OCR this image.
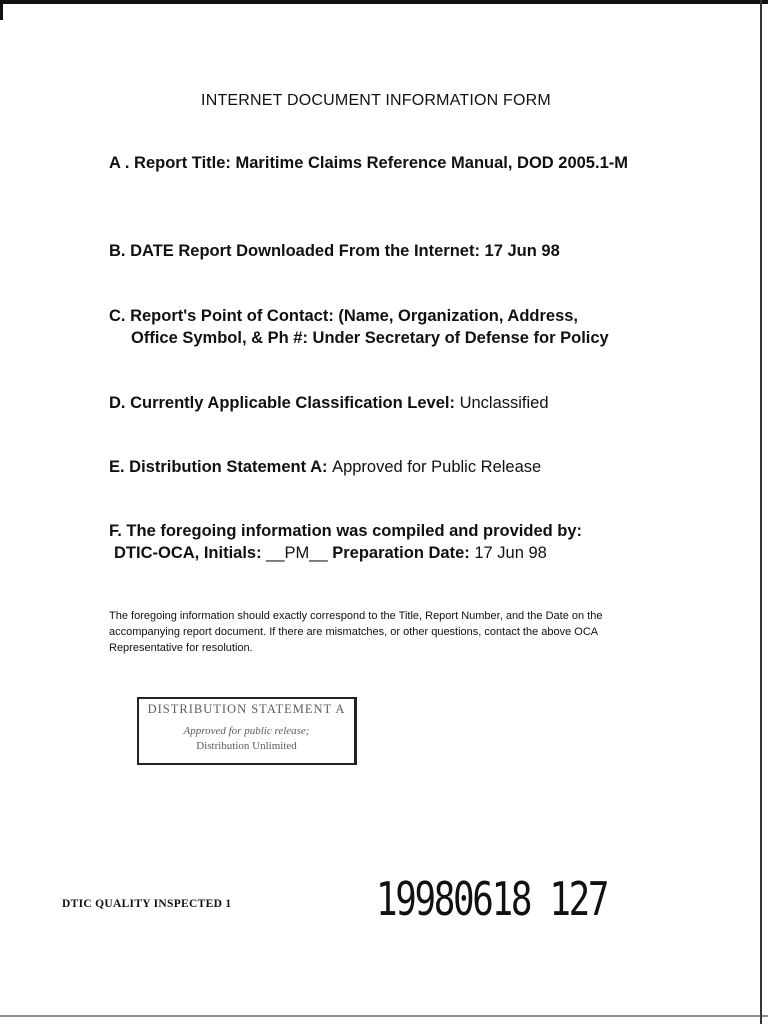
INTERNET DOCUMENT INFORMATION FORM
A . Report Title: Maritime Claims Reference Manual, DOD 2005.1-M
B. DATE Report Downloaded From the Internet: 17 Jun 98
C. Report's Point of Contact: (Name, Organization, Address,
Office Symbol, & Ph #: Under Secretary of Defense for Policy
D. Currently Applicable Classification Level: Unclassified
E. Distribution Statement A: Approved for Public Release
F. The foregoing information was compiled and provided by:
DTIC-OCA, Initials: __PM__ Preparation Date: 17 Jun 98
The foregoing information should exactly correspond to the Title, Report Number, and the Date on the accompanying report document. If there are mismatches, or other questions, contact the above OCA Representative for resolution.
DISTRIBUTION STATEMENT A
Approved for public release;
Distribution Unlimited
DTIC QUALITY INSPECTED 1	19980618 127
